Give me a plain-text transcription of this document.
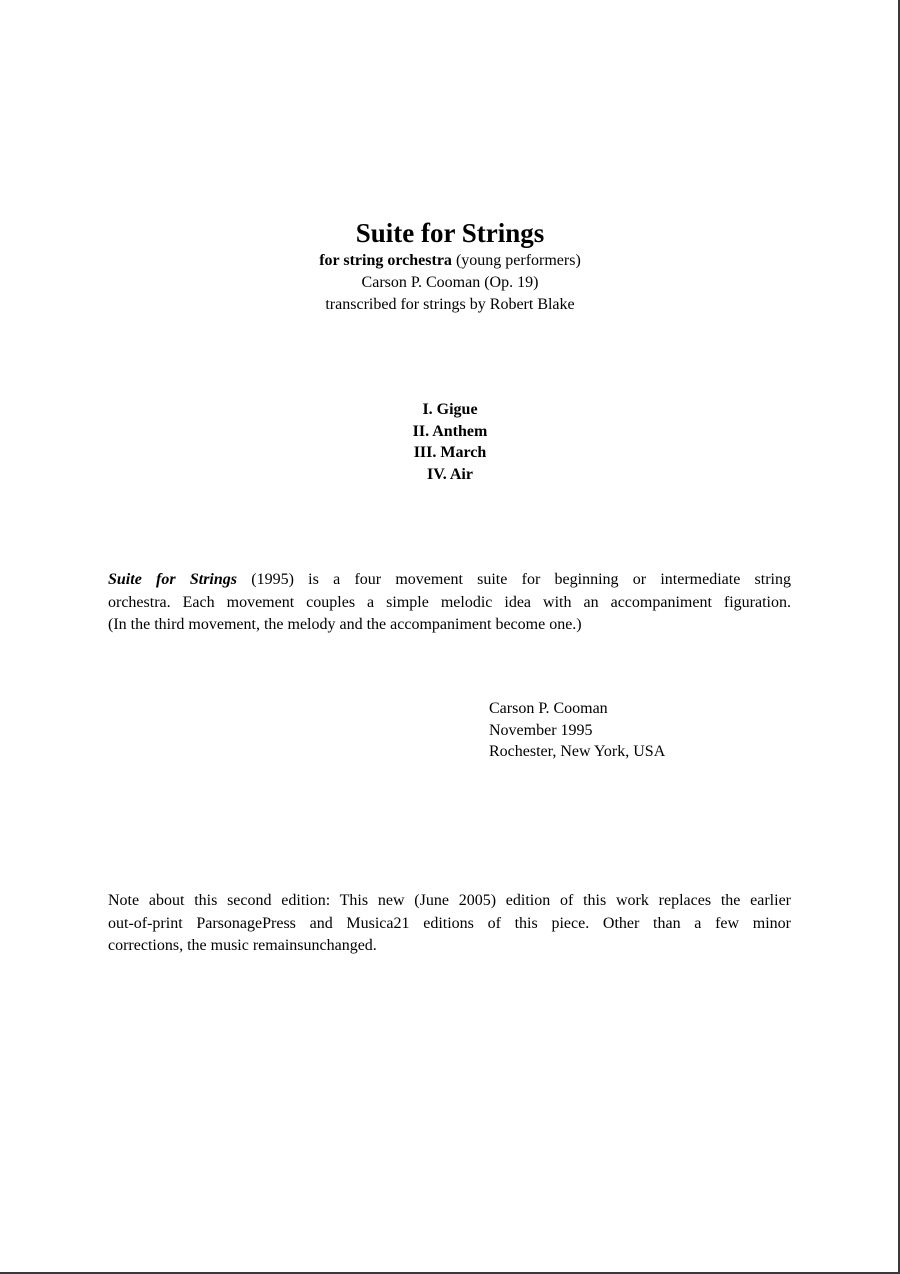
Suite for Strings
for string orchestra (young performers)
Carson P. Cooman (Op. 19)
transcribed for strings by Robert Blake
I. Gigue
II. Anthem
III. March
IV. Air
Suite for Strings (1995) is a four movement suite for beginning or intermediate string
orchestra. Each movement couples a simple melodic idea with an accompaniment figuration.
(In the third movement, the melody and the accompaniment become one.)
Carson P. Cooman
November 1995
Rochester, New York, USA
Note about this second edition: This new (June 2005) edition of this work replaces the earlier
out-of-print ParsonagePress and Musica21 editions of this piece. Other than a few minor
corrections, the music remainsunchanged.
